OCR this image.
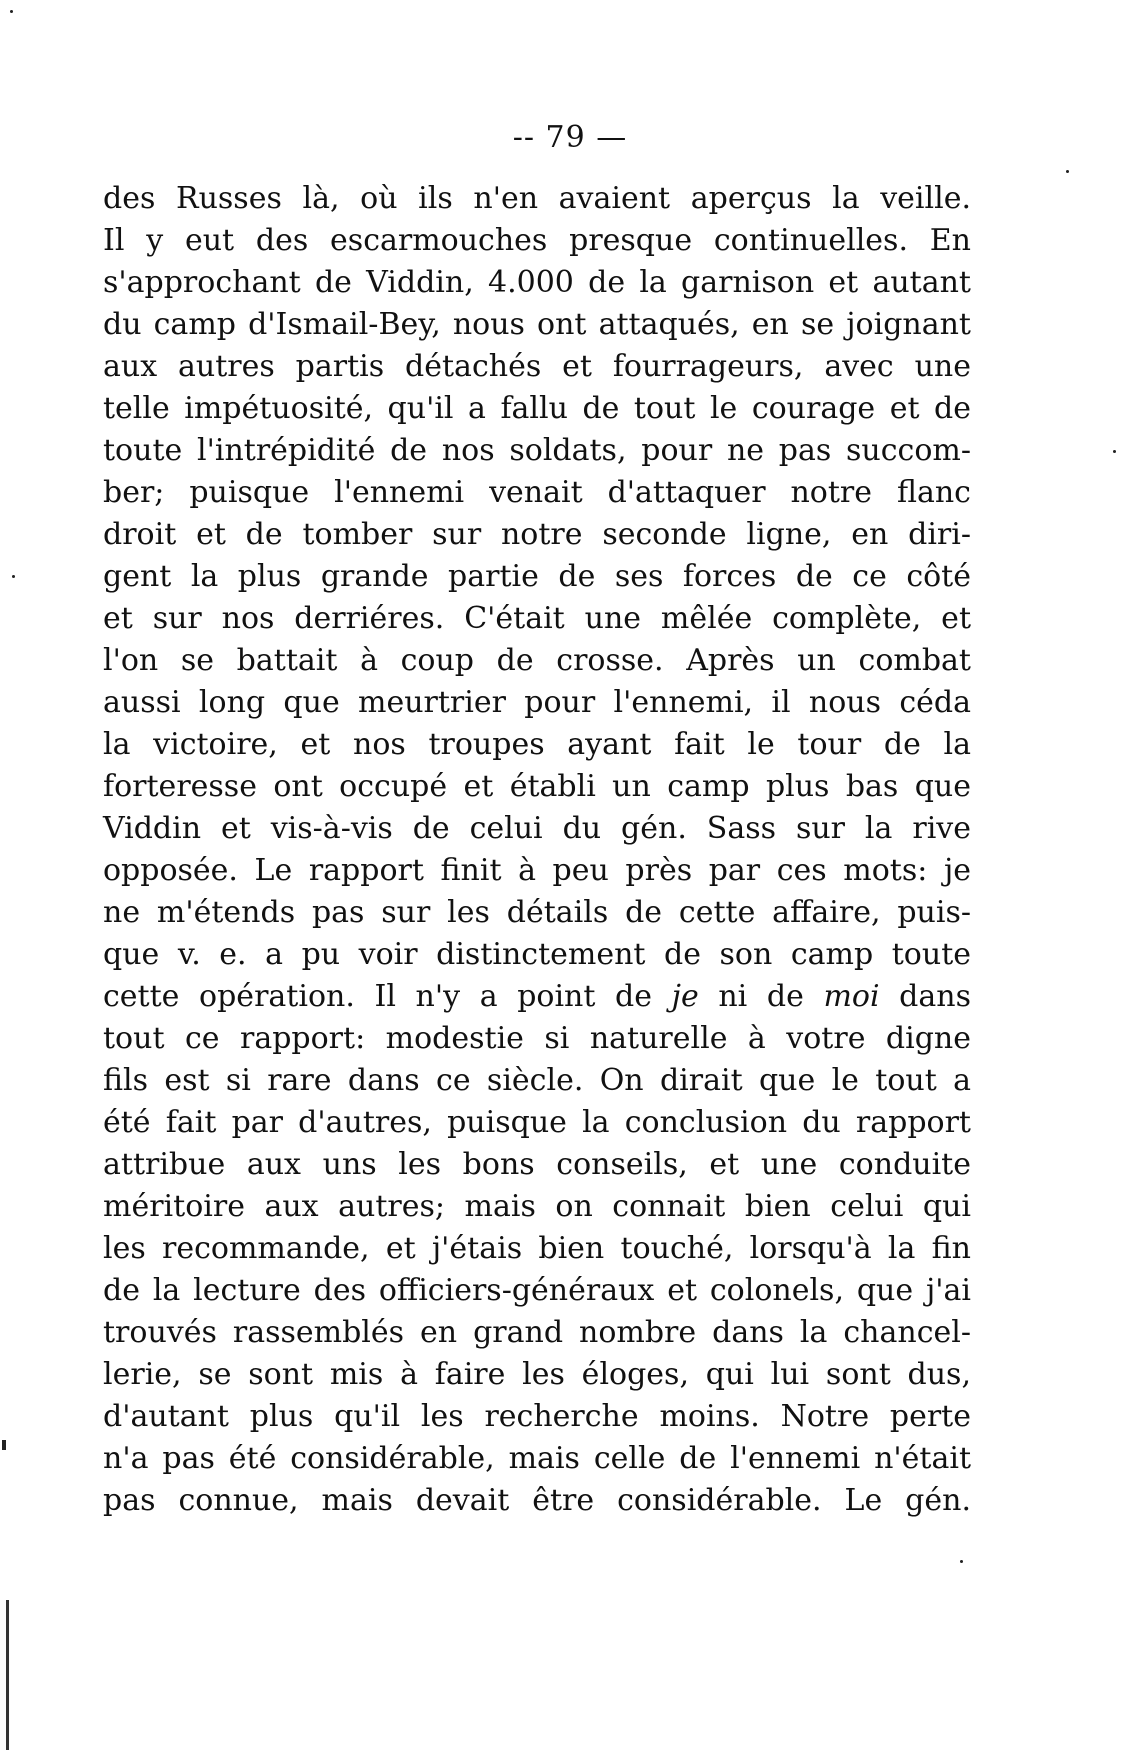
-- 79 —
des Russes là, où ils n'en avaient aperçus la veille.
Il y eut des escarmouches presque continuelles. En
s'approchant de Viddin, 4.000 de la garnison et autant
du camp d'Ismail-Bey, nous ont attaqués, en se joignant
aux autres partis détachés et fourrageurs, avec une
telle impétuosité, qu'il a fallu de tout le courage et de
toute l'intrépidité de nos soldats, pour ne pas succom-
ber; puisque l'ennemi venait d'attaquer notre flanc
droit et de tomber sur notre seconde ligne, en diri-
gent la plus grande partie de ses forces de ce côté
et sur nos derriéres. C'était une mêlée complète, et
l'on se battait à coup de crosse. Après un combat
aussi long que meurtrier pour l'ennemi, il nous céda
la victoire, et nos troupes ayant fait le tour de la
forteresse ont occupé et établi un camp plus bas que
Viddin et vis-à-vis de celui du gén. Sass sur la rive
opposée. Le rapport finit à peu près par ces mots: je
ne m'étends pas sur les détails de cette affaire, puis-
que v. e. a pu voir distinctement de son camp toute
cette opération. Il n'y a point de je ni de moi dans
tout ce rapport: modestie si naturelle à votre digne
fils est si rare dans ce siècle. On dirait que le tout a
été fait par d'autres, puisque la conclusion du rapport
attribue aux uns les bons conseils, et une conduite
méritoire aux autres; mais on connait bien celui qui
les recommande, et j'étais bien touché, lorsqu'à la fin
de la lecture des officiers-généraux et colonels, que j'ai
trouvés rassemblés en grand nombre dans la chancel-
lerie, se sont mis à faire les éloges, qui lui sont dus,
d'autant plus qu'il les recherche moins. Notre perte
n'a pas été considérable, mais celle de l'ennemi n'était
pas connue, mais devait être considérable. Le gén.
